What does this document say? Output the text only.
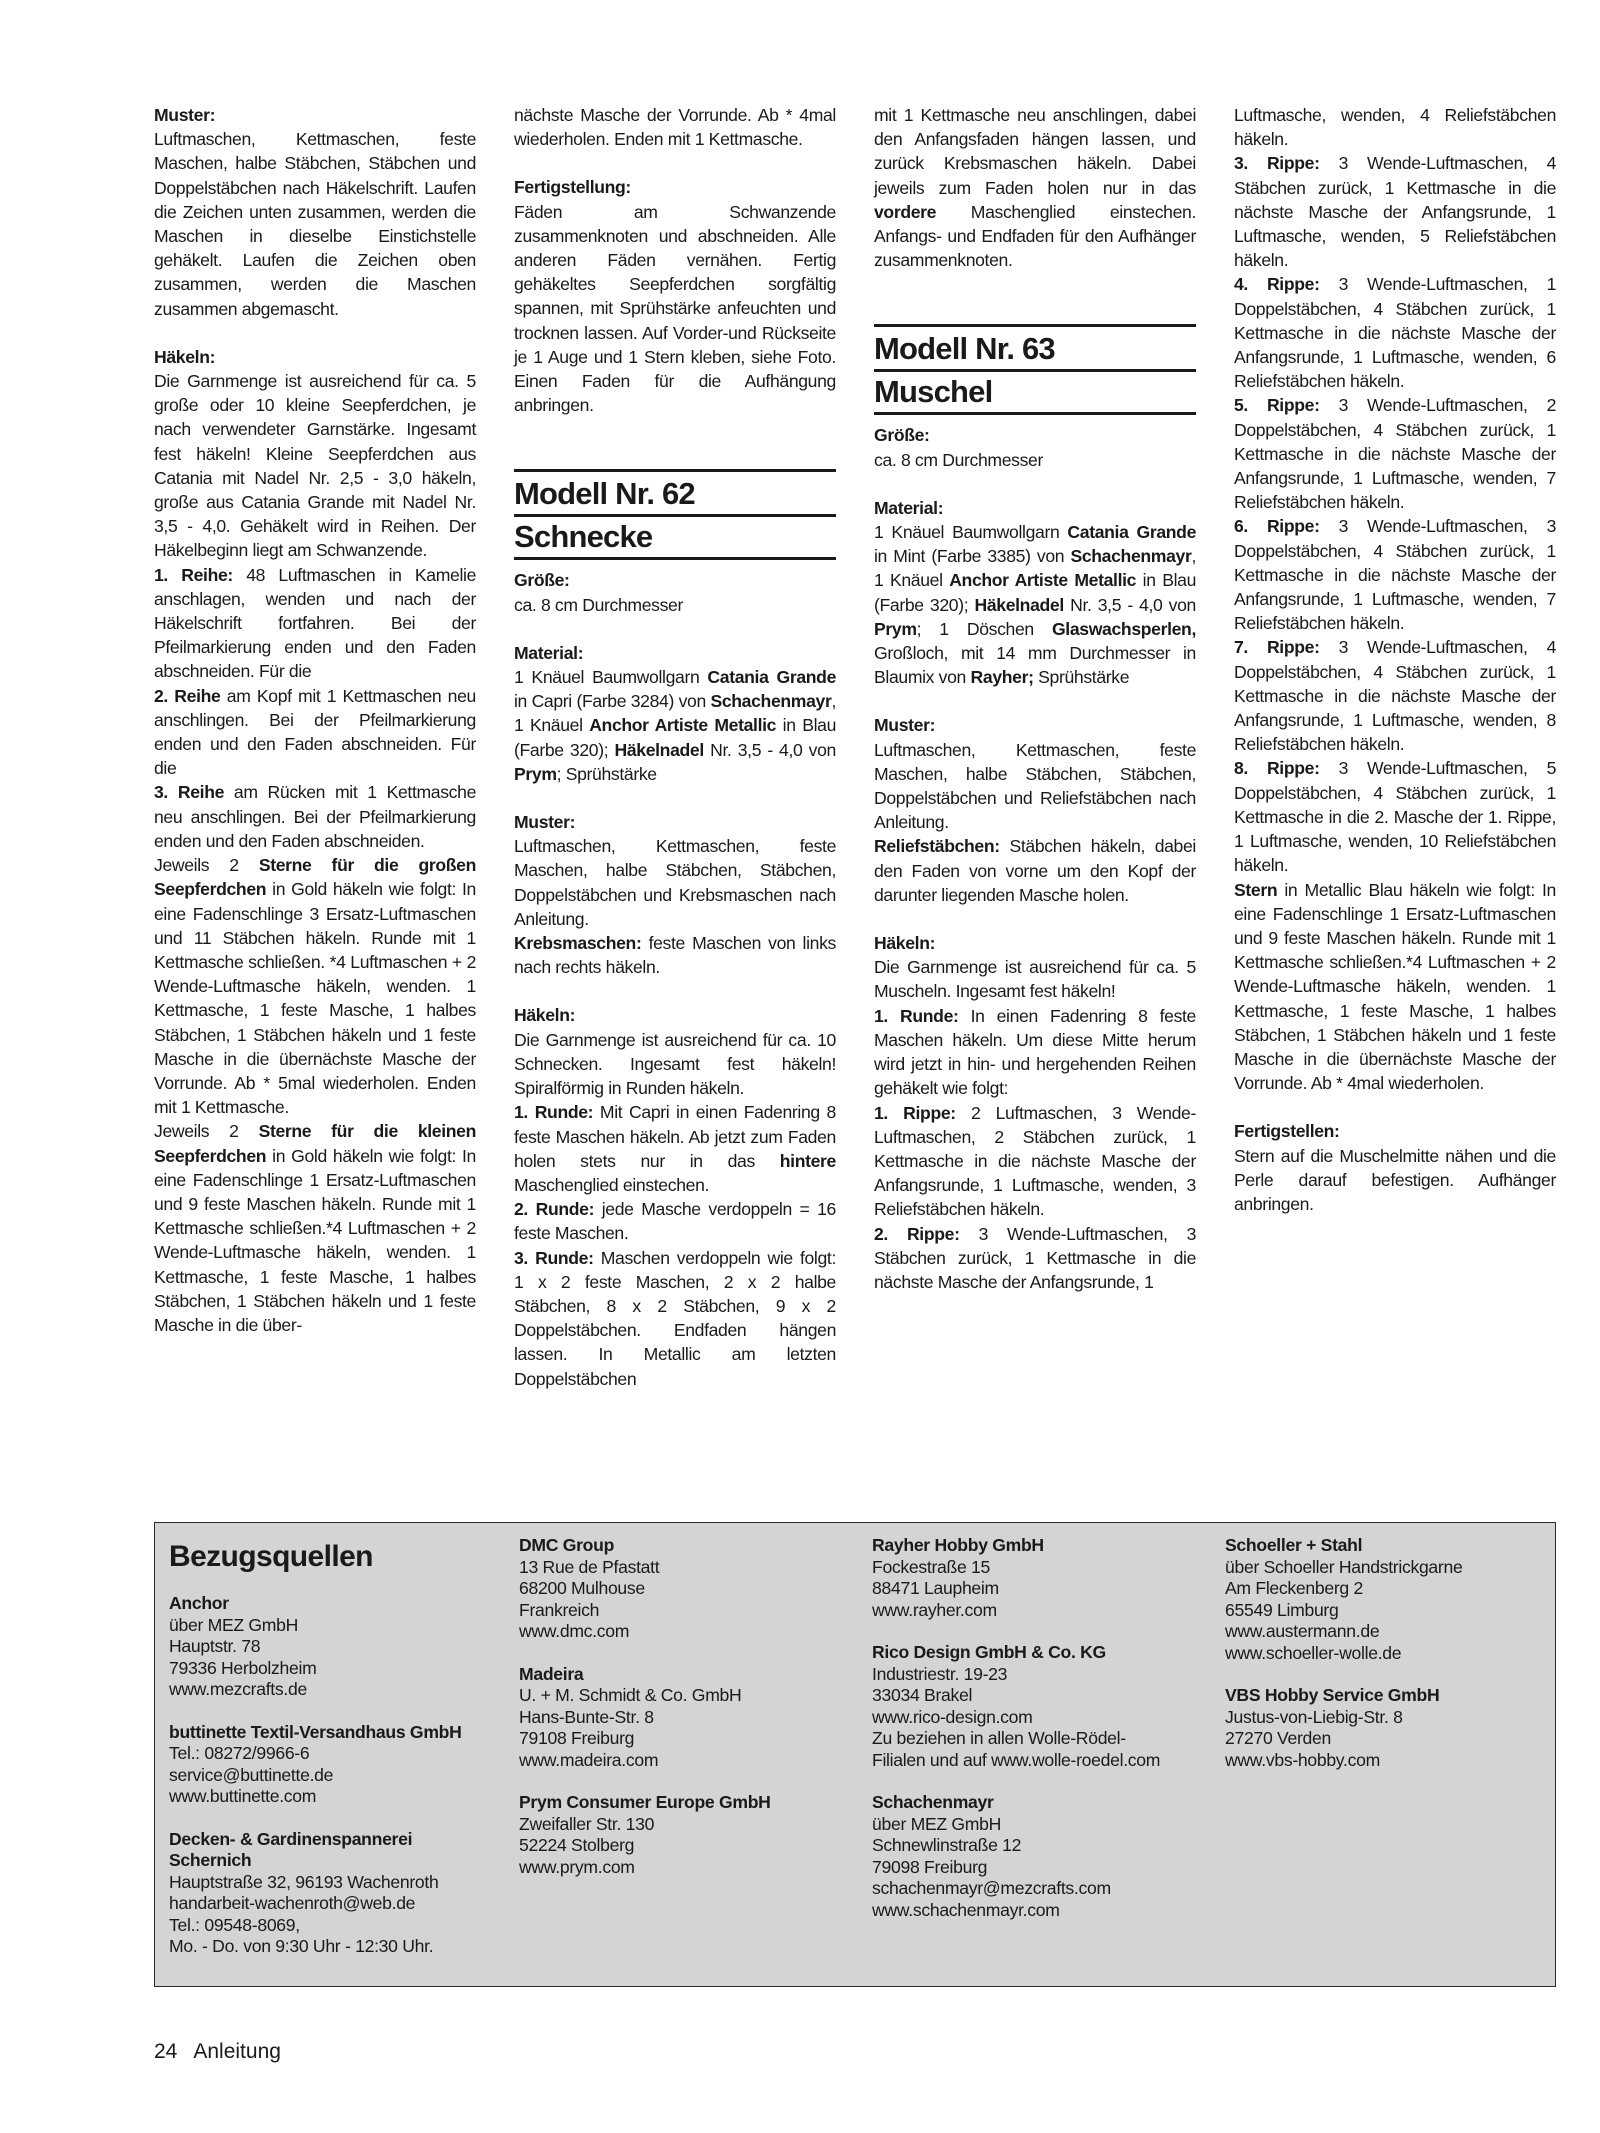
Muster:

Luftmaschen, Kettmaschen, feste Maschen, halbe Stäbchen, Stäbchen und Doppelstäbchen nach Häkelschrift. Laufen die Zeichen unten zusammen, werden die Maschen in dieselbe Einstichstelle gehäkelt. Laufen die Zeichen oben zusammen, werden die Maschen zusammen abgemascht.

Häkeln:

Die Garnmenge ist ausreichend für ca. 5 große oder 10 kleine Seepferdchen, je nach verwendeter Garnstärke. Ingesamt fest häkeln! Kleine Seepferdchen aus Catania mit Nadel Nr. 2,5 - 3,0 häkeln, große aus Catania Grande mit Nadel Nr. 3,5 - 4,0. Gehäkelt wird in Reihen. Der Häkelbeginn liegt am Schwanzende.

1. Reihe: 48 Luftmaschen in Kamelie anschlagen, wenden und nach der Häkelschrift fortfahren. Bei der Pfeilmarkierung enden und den Faden abschneiden. Für die

2. Reihe am Kopf mit 1 Kettmaschen neu anschlingen. Bei der Pfeilmarkierung enden und den Faden abschneiden. Für die

3. Reihe am Rücken mit 1 Kettmasche neu anschlingen. Bei der Pfeilmarkierung enden und den Faden abschneiden.

Jeweils 2 Sterne für die großen Seepferdchen in Gold häkeln wie folgt: In eine Fadenschlinge 3 Ersatz-Luftmaschen und 11 Stäbchen häkeln. Runde mit 1 Kettmasche schließen. *4 Luftmaschen + 2 Wende-Luftmasche häkeln, wenden. 1 Kettmasche, 1 feste Masche, 1 halbes Stäbchen, 1 Stäbchen häkeln und 1 feste Masche in die übernächste Masche der Vorrunde. Ab * 5mal wiederholen. Enden mit 1 Kettmasche.

Jeweils 2 Sterne für die kleinen Seepferdchen in Gold häkeln wie folgt: In eine Fadenschlinge 1 Ersatz-Luftmaschen und 9 feste Maschen häkeln. Runde mit 1 Kettmasche schließen.*4 Luftmaschen + 2 Wende-Luftmasche häkeln, wenden. 1 Kettmasche, 1 feste Masche, 1 halbes Stäbchen, 1 Stäbchen häkeln und 1 feste Masche in die über-

nächste Masche der Vorrunde. Ab * 4mal wiederholen. Enden mit 1 Kettmasche.

Fertigstellung:

Fäden am Schwanzende zusammenknoten und abschneiden. Alle anderen Fäden vernähen. Fertig gehäkeltes Seepferdchen sorgfältig spannen, mit Sprühstärke anfeuchten und trocknen lassen. Auf Vorder-und Rückseite je 1 Auge und 1 Stern kleben, siehe Foto. Einen Faden für die Aufhängung anbringen.

Modell Nr. 62
Schnecke

Größe:

ca. 8 cm Durchmesser

Material:

1 Knäuel Baumwollgarn Catania Grande in Capri (Farbe 3284) von Schachenmayr, 1 Knäuel Anchor Artiste Metallic in Blau (Farbe 320); Häkelnadel Nr. 3,5 - 4,0 von Prym; Sprühstärke

Muster:

Luftmaschen, Kettmaschen, feste Maschen, halbe Stäbchen, Stäbchen, Doppelstäbchen und Krebsmaschen nach Anleitung.

Krebsmaschen: feste Maschen von links nach rechts häkeln.

Häkeln:

Die Garnmenge ist ausreichend für ca. 10 Schnecken. Ingesamt fest häkeln! Spiralförmig in Runden häkeln.

1. Runde: Mit Capri in einen Fadenring 8 feste Maschen häkeln. Ab jetzt zum Faden holen stets nur in das hintere Maschenglied einstechen.

2. Runde: jede Masche verdoppeln = 16 feste Maschen.

3. Runde: Maschen verdoppeln wie folgt: 1 x 2 feste Maschen, 2 x 2 halbe Stäbchen, 8 x 2 Stäbchen, 9 x 2 Doppelstäbchen. Endfaden hängen lassen. In Metallic am letzten Doppelstäbchen

mit 1 Kettmasche neu anschlingen, dabei den Anfangsfaden hängen lassen, und zurück Krebsmaschen häkeln. Dabei jeweils zum Faden holen nur in das vordere Maschenglied einstechen. Anfangs- und Endfaden für den Aufhänger zusammenknoten.

Modell Nr. 63
Muschel

Größe:

ca. 8 cm Durchmesser

Material:

1 Knäuel Baumwollgarn Catania Grande in Mint (Farbe 3385) von Schachenmayr, 1 Knäuel Anchor Artiste Metallic in Blau (Farbe 320); Häkelnadel Nr. 3,5 - 4,0 von Prym; 1 Döschen Glaswachsperlen, Großloch, mit 14 mm Durchmesser in Blaumix von Rayher; Sprühstärke

Muster:

Luftmaschen, Kettmaschen, feste Maschen, halbe Stäbchen, Stäbchen, Doppelstäbchen und Reliefstäbchen nach Anleitung.

Reliefstäbchen: Stäbchen häkeln, dabei den Faden von vorne um den Kopf der darunter liegenden Masche holen.

Häkeln:

Die Garnmenge ist ausreichend für ca. 5 Muscheln. Ingesamt fest häkeln!

1. Runde: In einen Fadenring 8 feste Maschen häkeln. Um diese Mitte herum wird jetzt in hin- und hergehenden Reihen gehäkelt wie folgt:

1. Rippe: 2 Luftmaschen, 3 Wende-Luftmaschen, 2 Stäbchen zurück, 1 Kettmasche in die nächste Masche der Anfangsrunde, 1 Luftmasche, wenden, 3 Reliefstäbchen häkeln.

2. Rippe: 3 Wende-Luftmaschen, 3 Stäbchen zurück, 1 Kettmasche in die nächste Masche der Anfangsrunde, 1

Luftmasche, wenden, 4 Reliefstäbchen häkeln.

3. Rippe: 3 Wende-Luftmaschen, 4 Stäbchen zurück, 1 Kettmasche in die nächste Masche der Anfangsrunde, 1 Luftmasche, wenden, 5 Reliefstäbchen häkeln.

4. Rippe: 3 Wende-Luftmaschen, 1 Doppelstäbchen, 4 Stäbchen zurück, 1 Kettmasche in die nächste Masche der Anfangsrunde, 1 Luftmasche, wenden, 6 Reliefstäbchen häkeln.

5. Rippe: 3 Wende-Luftmaschen, 2 Doppelstäbchen, 4 Stäbchen zurück, 1 Kettmasche in die nächste Masche der Anfangsrunde, 1 Luftmasche, wenden, 7 Reliefstäbchen häkeln.

6. Rippe: 3 Wende-Luftmaschen, 3 Doppelstäbchen, 4 Stäbchen zurück, 1 Kettmasche in die nächste Masche der Anfangsrunde, 1 Luftmasche, wenden, 7 Reliefstäbchen häkeln.

7. Rippe: 3 Wende-Luftmaschen, 4 Doppelstäbchen, 4 Stäbchen zurück, 1 Kettmasche in die nächste Masche der Anfangsrunde, 1 Luftmasche, wenden, 8 Reliefstäbchen häkeln.

8. Rippe: 3 Wende-Luftmaschen, 5 Doppelstäbchen, 4 Stäbchen zurück, 1 Kettmasche in die 2. Masche der 1. Rippe, 1 Luftmasche, wenden, 10 Reliefstäbchen häkeln.

Stern in Metallic Blau häkeln wie folgt: In eine Fadenschlinge 1 Ersatz-Luftmaschen und 9 feste Maschen häkeln. Runde mit 1 Kettmasche schließen.*4 Luftmaschen + 2 Wende-Luftmasche häkeln, wenden. 1 Kettmasche, 1 feste Masche, 1 halbes Stäbchen, 1 Stäbchen häkeln und 1 feste Masche in die übernächste Masche der Vorrunde. Ab * 4mal wiederholen.

Fertigstellen:

Stern auf die Muschelmitte nähen und die Perle darauf befestigen. Aufhänger anbringen.

Bezugsquellen
Anchor
über MEZ GmbH
Hauptstr. 78
79336 Herbolzheim
www.mezcrafts.de
buttinette Textil-Versandhaus GmbH
Tel.: 08272/9966-6
service@buttinette.de
www.buttinette.com
Decken- & Gardinenspannerei Schernich
Hauptstraße 32, 96193 Wachenroth
handarbeit-wachenroth@web.de
Tel.: 09548-8069,
Mo. - Do. von 9:30 Uhr - 12:30 Uhr.
DMC Group
13 Rue de Pfastatt
68200 Mulhouse
Frankreich
www.dmc.com
Madeira
U. + M. Schmidt & Co. GmbH
Hans-Bunte-Str. 8
79108 Freiburg
www.madeira.com
Prym Consumer Europe GmbH
Zweifaller Str. 130
52224 Stolberg
www.prym.com
Rayher Hobby GmbH
Fockestraße 15
88471 Laupheim
www.rayher.com
Rico Design GmbH & Co. KG
Industriestr. 19-23
33034 Brakel
www.rico-design.com
Zu beziehen in allen Wolle-Rödel-
Filialen und auf www.wolle-roedel.com
Schachenmayr
über MEZ GmbH
Schnewlinstraße 12
79098 Freiburg
schachenmayr@mezcrafts.com
www.schachenmayr.com
Schoeller + Stahl
über Schoeller Handstrickgarne
Am Fleckenberg 2
65549 Limburg
www.austermann.de
www.schoeller-wolle.de
VBS Hobby Service GmbH
Justus-von-Liebig-Str. 8
27270 Verden
www.vbs-hobby.com
24 Anleitung
